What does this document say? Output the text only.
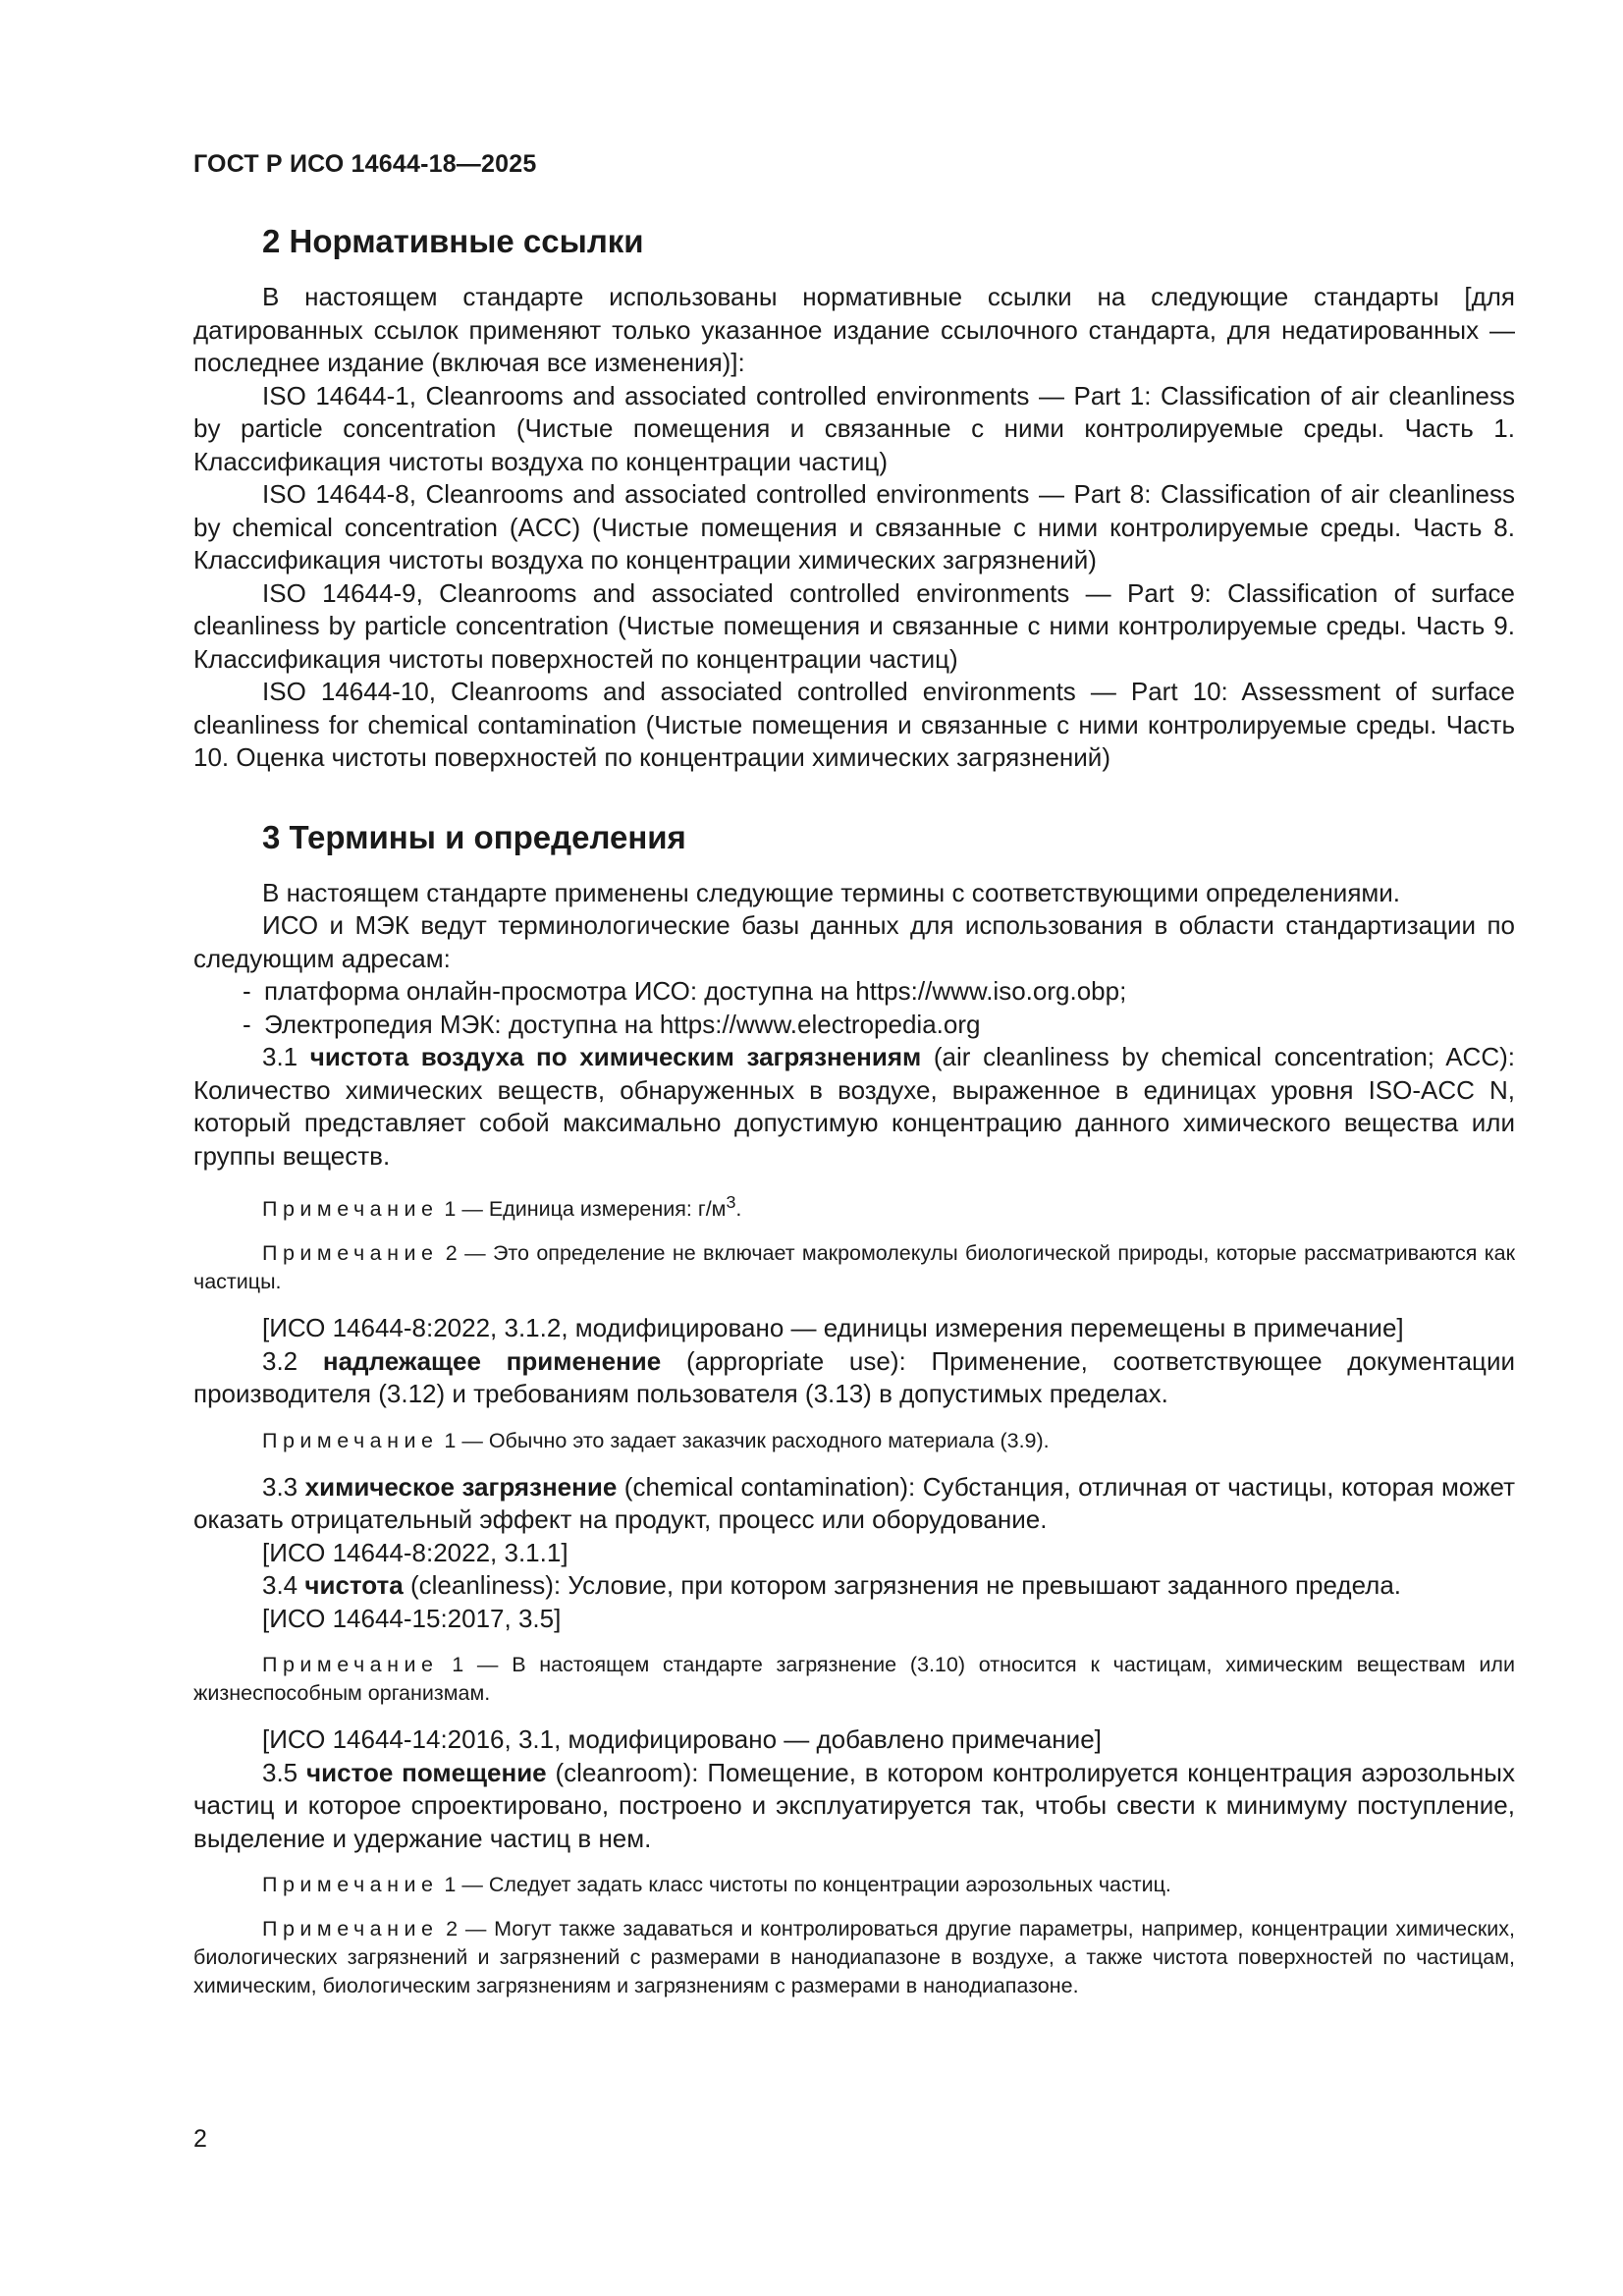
ГОСТ Р ИСО 14644-18—2025
2 Нормативные ссылки

В настоящем стандарте использованы нормативные ссылки на следующие стандарты [для датированных ссылок применяют только указанное издание ссылочного стандарта, для недатированных — последнее издание (включая все изменения)]:

ISO 14644-1, Cleanrooms and associated controlled environments — Part 1: Classification of air cleanliness by particle concentration (Чистые помещения и связанные с ними контролируемые среды. Часть 1. Классификация чистоты воздуха по концентрации частиц)

ISO 14644-8, Cleanrooms and associated controlled environments — Part 8: Classification of air cleanliness by chemical concentration (ACC) (Чистые помещения и связанные с ними контролируемые среды. Часть 8. Классификация чистоты воздуха по концентрации химических загрязнений)

ISO 14644-9, Cleanrooms and associated controlled environments — Part 9: Classification of surface cleanliness by particle concentration (Чистые помещения и связанные с ними контролируемые среды. Часть 9. Классификация чистоты поверхностей по концентрации частиц)

ISO 14644-10, Cleanrooms and associated controlled environments — Part 10: Assessment of surface cleanliness for chemical contamination (Чистые помещения и связанные с ними контролируемые среды. Часть 10. Оценка чистоты поверхностей по концентрации химических загрязнений)

3 Термины и определения

В настоящем стандарте применены следующие термины с соответствующими определениями.

ИСО и МЭК ведут терминологические базы данных для использования в области стандартизации по следующим адресам:

- платформа онлайн-просмотра ИСО: доступна на https://www.iso.org.obp;

- Электропедия МЭК: доступна на https://www.electropedia.org

3.1 чистота воздуха по химическим загрязнениям (air cleanliness by chemical concentration; ACC): Количество химических веществ, обнаруженных в воздухе, выраженное в единицах уровня ISO-ACC N, который представляет собой максимально допустимую концентрацию данного химического вещества или группы веществ.

Примечание 1 — Единица измерения: $г/м^3$.

Примечание 2 — Это определение не включает макромолекулы биологической природы, которые рассматриваются как частицы.

[ИСО 14644-8:2022, 3.1.2, модифицировано — единицы измерения перемещены в примечание]

3.2 надлежащее применение (appropriate use): Применение, соответствующее документации производителя (3.12) и требованиям пользователя (3.13) в допустимых пределах.

Примечание 1 — Обычно это задает заказчик расходного материала (3.9).

3.3 химическое загрязнение (chemical contamination): Субстанция, отличная от частицы, которая может оказать отрицательный эффект на продукт, процесс или оборудование.

[ИСО 14644-8:2022, 3.1.1]

3.4 чистота (cleanliness): Условие, при котором загрязнения не превышают заданного предела.

[ИСО 14644-15:2017, 3.5]

Примечание 1 — В настоящем стандарте загрязнение (3.10) относится к частицам, химическим веществам или жизнеспособным организмам.

[ИСО 14644-14:2016, 3.1, модифицировано — добавлено примечание]

3.5 чистое помещение (cleanroom): Помещение, в котором контролируется концентрация аэрозольных частиц и которое спроектировано, построено и эксплуатируется так, чтобы свести к минимуму поступление, выделение и удержание частиц в нем.

Примечание 1 — Следует задать класс чистоты по концентрации аэрозольных частиц.

Примечание 2 — Могут также задаваться и контролироваться другие параметры, например, концентрации химических, биологических загрязнений и загрязнений с размерами в нанодиапазоне в воздухе, а также чистота поверхностей по частицам, химическим, биологическим загрязнениям и загрязнениям с размерами в нанодиапазоне.

2
